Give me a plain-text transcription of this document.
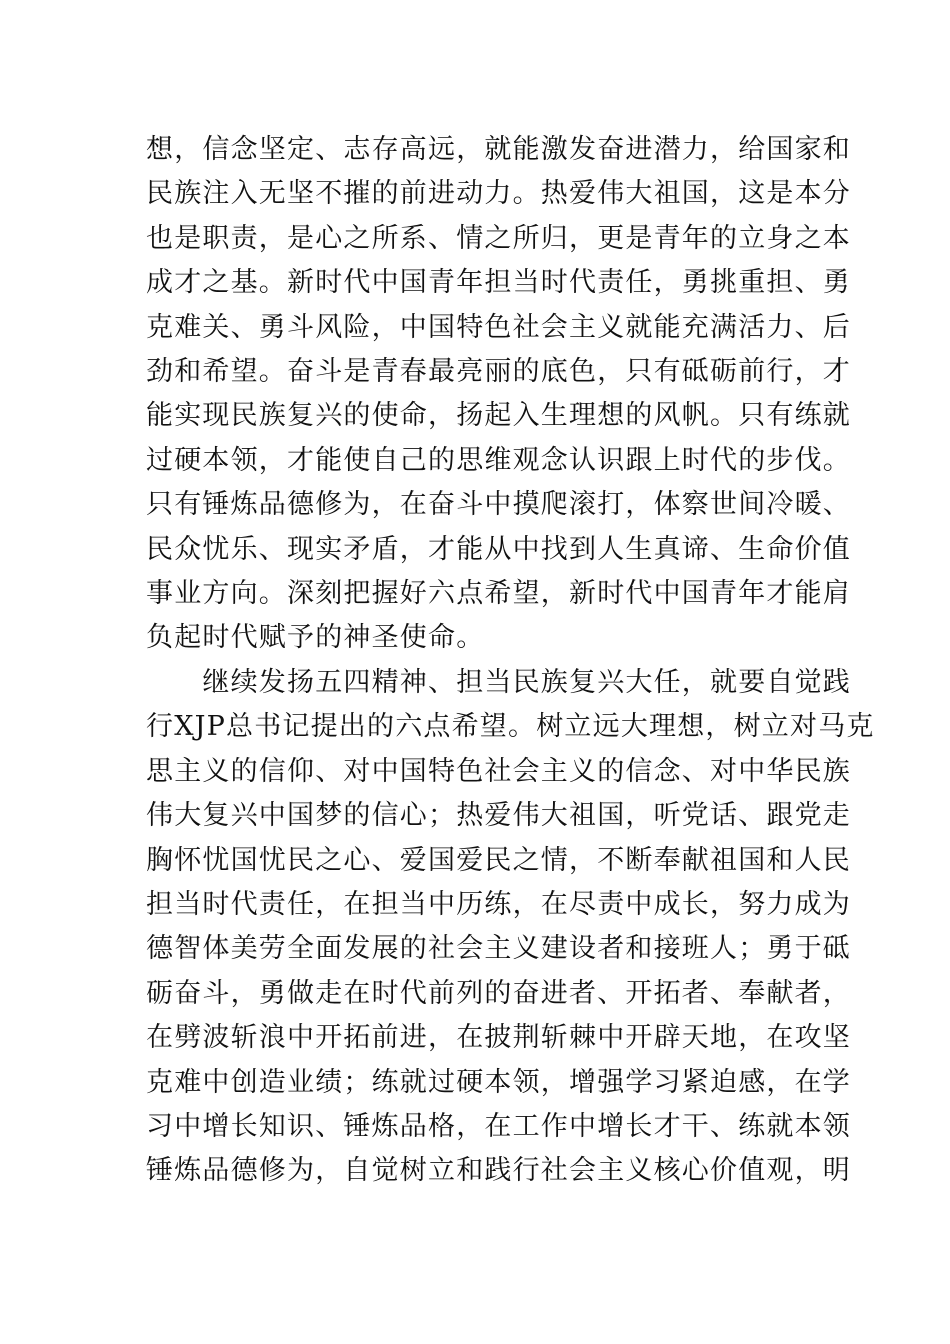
想，信念坚定、志存高远，就能激发奋进潜力，给国家和
民族注入无坚不摧的前进动力。热爱伟大祖国，这是本分
也是职责，是心之所系、情之所归，更是青年的立身之本
成才之基。新时代中国青年担当时代责任，勇挑重担、勇
克难关、勇斗风险，中国特色社会主义就能充满活力、后
劲和希望。奋斗是青春最亮丽的底色，只有砥砺前行，才
能实现民族复兴的使命，扬起入生理想的风帆。只有练就
过硬本领，才能使自己的思维观念认识跟上时代的步伐。
只有锤炼品德修为，在奋斗中摸爬滚打，体察世间冷暖、
民众忧乐、现实矛盾，才能从中找到人生真谛、生命价值
事业方向。深刻把握好六点希望，新时代中国青年才能肩
负起时代赋予的神圣使命。
　　继续发扬五四精神、担当民族复兴大任，就要自觉践
行XJP总书记提出的六点希望。树立远大理想，树立对马克
思主义的信仰、对中国特色社会主义的信念、对中华民族
伟大复兴中国梦的信心；热爱伟大祖国，听党话、跟党走
胸怀忧国忧民之心、爱国爱民之情，不断奉献祖国和人民
担当时代责任，在担当中历练，在尽责中成长，努力成为
德智体美劳全面发展的社会主义建设者和接班人；勇于砥
砺奋斗，勇做走在时代前列的奋进者、开拓者、奉献者，
在劈波斩浪中开拓前进，在披荆斩棘中开辟天地，在攻坚
克难中创造业绩；练就过硬本领，增强学习紧迫感，在学
习中增长知识、锤炼品格，在工作中增长才干、练就本领
锤炼品德修为，自觉树立和践行社会主义核心价值观，明
